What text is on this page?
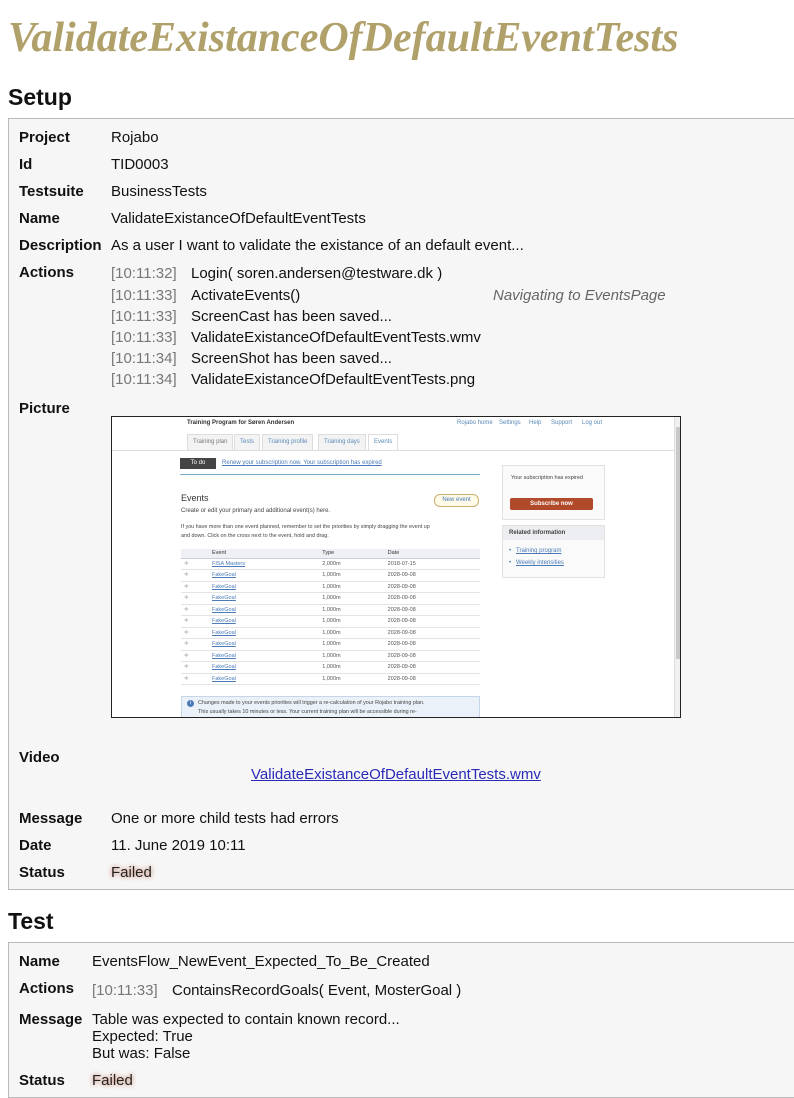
ValidateExistanceOfDefaultEventTests
Setup
Project	Rojabo
Id	TID0003
Testsuite BusinessTests
Name	ValidateExistanceOfDefaultEventTests
Description As a user I want to validate the existance of an default event...
Actions [10:11:32] Login( soren.andersen@testware.dk )
[10:11:33] ActivateEvents()	Navigating to EventsPage
[10:11:33] ScreenCast has been saved...
[10:11:33] ValidateExistanceOfDefaultEventTests.wmv
[10:11:34] ScreenShot has been saved...
[10:11:34] ValidateExistanceOfDefaultEventTests.png
Picture
Training Program for Søren Andersen	Rojabo home Settings Help Support Log out
Training plan	Tests	Training profile	Training days	Events
To do	Renew your subscription now. Your subscription has expired
Events
Create or edit your primary and additional event(s) here.
If you have more than one event planned, remember to set the priorities by simply dragging the event up
and down. Click on the cross next to the event, hold and drag.
New event
Your subscription has expired
Subscribe now
Related information
• Training program
• Weekly intensities
	Event	Type	Date
✛	FISA Masters	2,000m	2018-07-15
✛	FakeGoal	1,000m	2028-09-08
✛	FakeGoal	1,000m	2028-09-08
✛	FakeGoal	1,000m	2028-09-08
✛	FakeGoal	1,000m	2028-09-08
✛	FakeGoal	1,000m	2028-09-08
✛	FakeGoal	1,000m	2028-09-08
✛	FakeGoal	1,000m	2028-09-08
✛	FakeGoal	1,000m	2028-09-08
✛	FakeGoal	1,000m	2028-09-08
✛	FakeGoal	1,000m	2028-09-08
i	Changes made to your events priorities will trigger a re-calculation of your Rojabo training plan.
This usually takes 10 minutes or less. Your current training plan will be accessible during re-
Video
ValidateExistanceOfDefaultEventTests.wmv
Message One or more child tests had errors
Date	11. June 2019 10:11
Status	Failed
Test
Name EventsFlow_NewEvent_Expected_To_Be_Created
Actions [10:11:33] ContainsRecordGoals( Event, MosterGoal )
Message Table was expected to contain known record...
Expected: True
But was: False
Status Failed
